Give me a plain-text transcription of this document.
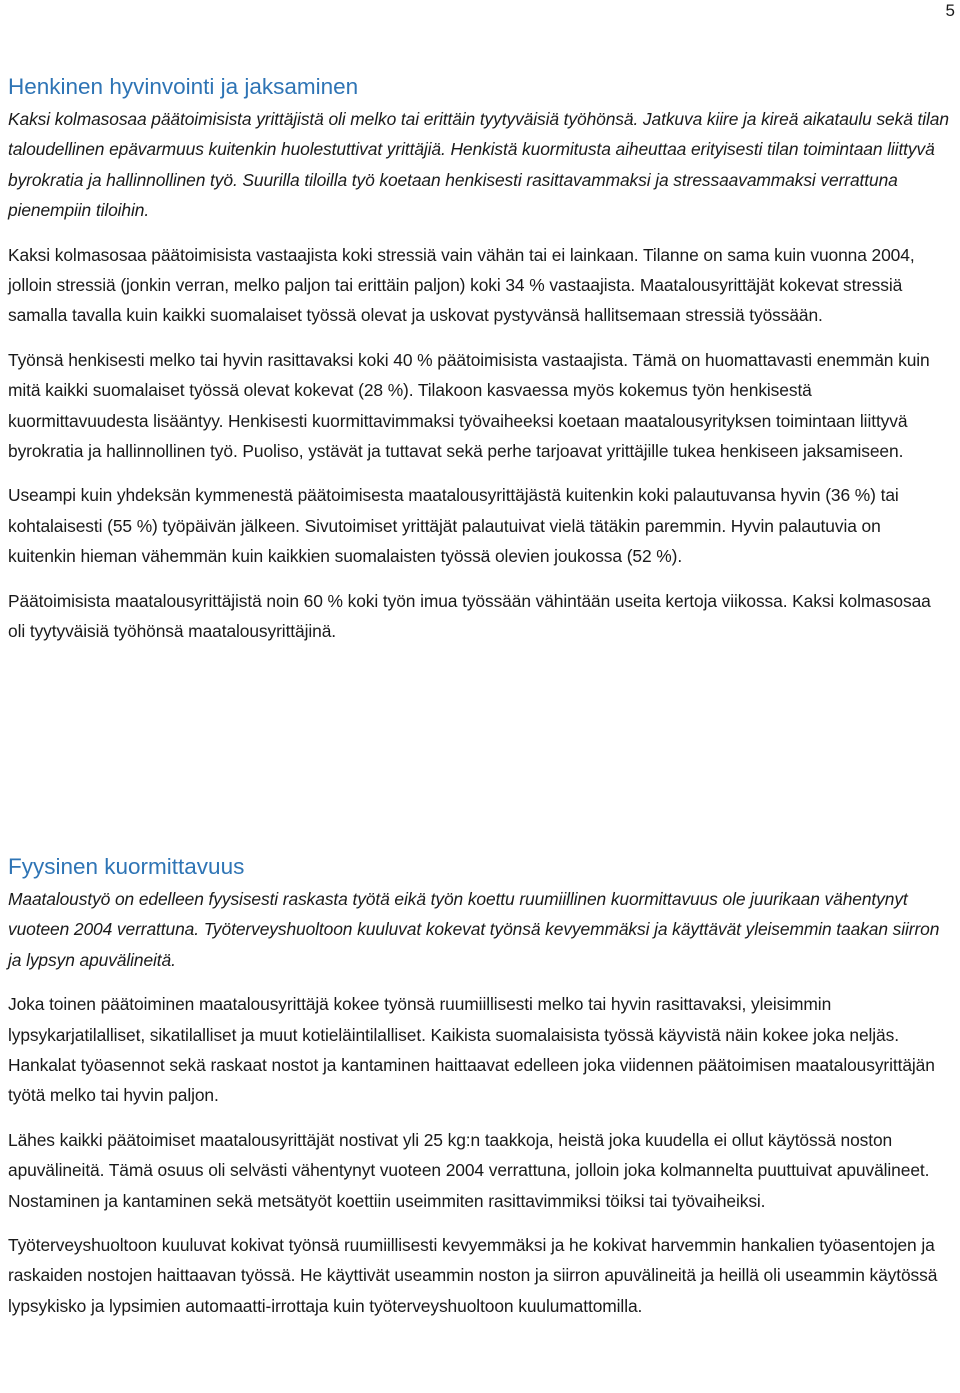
5
Henkinen hyvinvointi ja jaksaminen

Kaksi kolmasosaa päätoimisista yrittäjistä oli melko tai erittäin tyytyväisiä työhönsä. Jatkuva kiire ja kireä aikataulu sekä tilan taloudellinen epävarmuus kuitenkin huolestuttivat yrittäjiä. Henkistä kuormitusta aiheuttaa erityisesti tilan toimintaan liittyvä byrokratia ja hallinnollinen työ. Suurilla tiloilla työ koetaan henkisesti rasittavammaksi ja stressaavammaksi verrattuna pienempiin tiloihin.

Kaksi kolmasosaa päätoimisista vastaajista koki stressiä vain vähän tai ei lainkaan. Tilanne on sama kuin vuonna 2004, jolloin stressiä (jonkin verran, melko paljon tai erittäin paljon) koki 34 % vastaajista. Maatalousyrittäjät kokevat stressiä samalla tavalla kuin kaikki suomalaiset työssä olevat ja uskovat pystyvänsä hallitsemaan stressiä työssään.

Työnsä henkisesti melko tai hyvin rasittavaksi koki 40 % päätoimisista vastaajista. Tämä on huomattavasti enemmän kuin mitä kaikki suomalaiset työssä olevat kokevat (28 %). Tilakoon kasvaessa myös kokemus työn henkisestä kuormittavuudesta lisääntyy. Henkisesti kuormittavimmaksi työvaiheeksi koetaan maatalousyrityksen toimintaan liittyvä byrokratia ja hallinnollinen työ. Puoliso, ystävät ja tuttavat sekä perhe tarjoavat yrittäjille tukea henkiseen jaksamiseen.

Useampi kuin yhdeksän kymmenestä päätoimisesta maatalousyrittäjästä kuitenkin koki palautuvansa hyvin (36 %) tai kohtalaisesti (55 %) työpäivän jälkeen. Sivutoimiset yrittäjät palautuivat vielä tätäkin paremmin. Hyvin palautuvia on kuitenkin hieman vähemmän kuin kaikkien suomalaisten työssä olevien joukossa (52 %).

Päätoimisista maatalousyrittäjistä noin 60 % koki työn imua työssään vähintään useita kertoja viikossa. Kaksi kolmasosaa oli tyytyväisiä työhönsä maatalousyrittäjinä.

Fyysinen kuormittavuus

Maataloustyö on edelleen fyysisesti raskasta työtä eikä työn koettu ruumiillinen kuormittavuus ole juurikaan vähentynyt vuoteen 2004 verrattuna. Työterveyshuoltoon kuuluvat kokevat työnsä kevyemmäksi ja käyttävät yleisemmin taakan siirron ja lypsyn apuvälineitä.

Joka toinen päätoiminen maatalousyrittäjä kokee työnsä ruumiillisesti melko tai hyvin rasittavaksi, yleisimmin lypsykarjatilalliset, sikatilalliset ja muut kotieläintilalliset. Kaikista suomalaisista työssä käyvistä näin kokee joka neljäs. Hankalat työasennot sekä raskaat nostot ja kantaminen haittaavat edelleen joka viidennen päätoimisen maatalousyrittäjän työtä melko tai hyvin paljon.

Lähes kaikki päätoimiset maatalousyrittäjät nostivat yli 25 kg:n taakkoja, heistä joka kuudella ei ollut käytössä noston apuvälineitä. Tämä osuus oli selvästi vähentynyt vuoteen 2004 verrattuna, jolloin joka kolmannelta puuttuivat apuvälineet. Nostaminen ja kantaminen sekä metsätyöt koettiin useimmiten rasittavimmiksi töiksi tai työvaiheiksi.

Työterveyshuoltoon kuuluvat kokivat työnsä ruumiillisesti kevyemmäksi ja he kokivat harvemmin hankalien työasentojen ja raskaiden nostojen haittaavan työssä. He käyttivät useammin noston ja siirron apuvälineitä ja heillä oli useammin käytössä lypsykisko ja lypsimien automaatti-irrottaja kuin työterveyshuoltoon kuulumattomilla.
